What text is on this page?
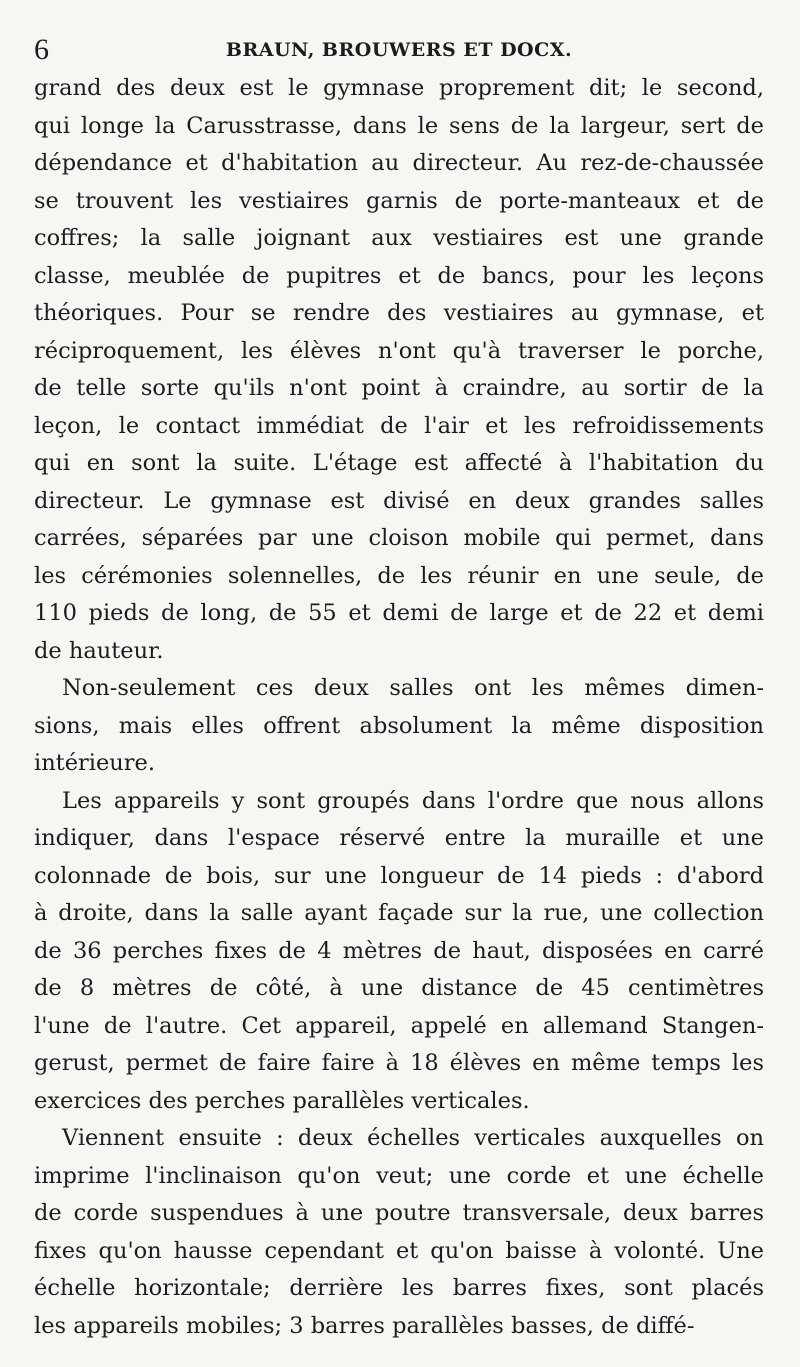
6	BRAUN, BROUWERS ET DOCX.
grand des deux est le gymnase proprement dit; le second,
qui longe la Carusstrasse, dans le sens de la largeur, sert de
dépendance et d'habitation au directeur. Au rez-de-chaussée
se trouvent les vestiaires garnis de porte-manteaux et de
coffres; la salle joignant aux vestiaires est une grande
classe, meublée de pupitres et de bancs, pour les leçons
théoriques. Pour se rendre des vestiaires au gymnase, et
réciproquement, les élèves n'ont qu'à traverser le porche,
de telle sorte qu'ils n'ont point à craindre, au sortir de la
leçon, le contact immédiat de l'air et les refroidissements
qui en sont la suite. L'étage est affecté à l'habitation du
directeur. Le gymnase est divisé en deux grandes salles
carrées, séparées par une cloison mobile qui permet, dans
les cérémonies solennelles, de les réunir en une seule, de
110 pieds de long, de 55 et demi de large et de 22 et demi
de hauteur.
Non-seulement ces deux salles ont les mêmes dimen-
sions, mais elles offrent absolument la même disposition
intérieure.
Les appareils y sont groupés dans l'ordre que nous allons
indiquer, dans l'espace réservé entre la muraille et une
colonnade de bois, sur une longueur de 14 pieds : d'abord
à droite, dans la salle ayant façade sur la rue, une collection
de 36 perches fixes de 4 mètres de haut, disposées en carré
de 8 mètres de côté, à une distance de 45 centimètres
l'une de l'autre. Cet appareil, appelé en allemand Stangen-
gerust, permet de faire faire à 18 élèves en même temps les
exercices des perches parallèles verticales.
Viennent ensuite : deux échelles verticales auxquelles on
imprime l'inclinaison qu'on veut; une corde et une échelle
de corde suspendues à une poutre transversale, deux barres
fixes qu'on hausse cependant et qu'on baisse à volonté. Une
échelle horizontale; derrière les barres fixes, sont placés
les appareils mobiles; 3 barres parallèles basses, de diffé-
